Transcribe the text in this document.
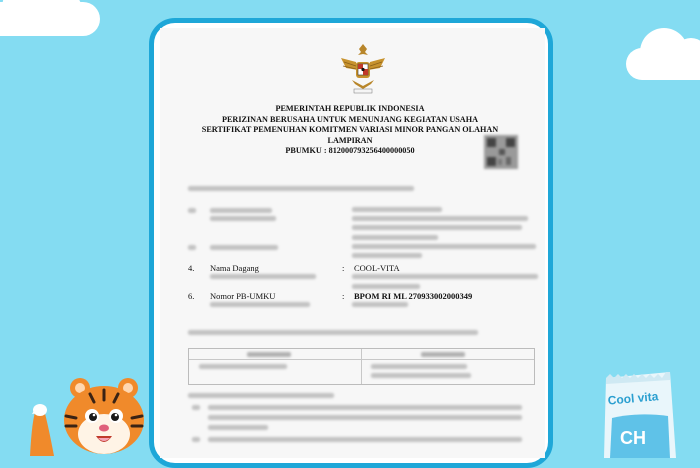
PEMERINTAH REPUBLIK INDONESIA
PERIZINAN BERUSAHA UNTUK MENUNJANG KEGIATAN USAHA
SERTIFIKAT PEMENUHAN KOMITMEN VARIASI MINOR PANGAN OLAHAN
LAMPIRAN
PBUMKU : 812000793256400000050
4. Nama Dagang	: COOL-VITA
6. Nomor PB-UMKU	: BPOM RI ML 270933002000349
Cool vita
CH
